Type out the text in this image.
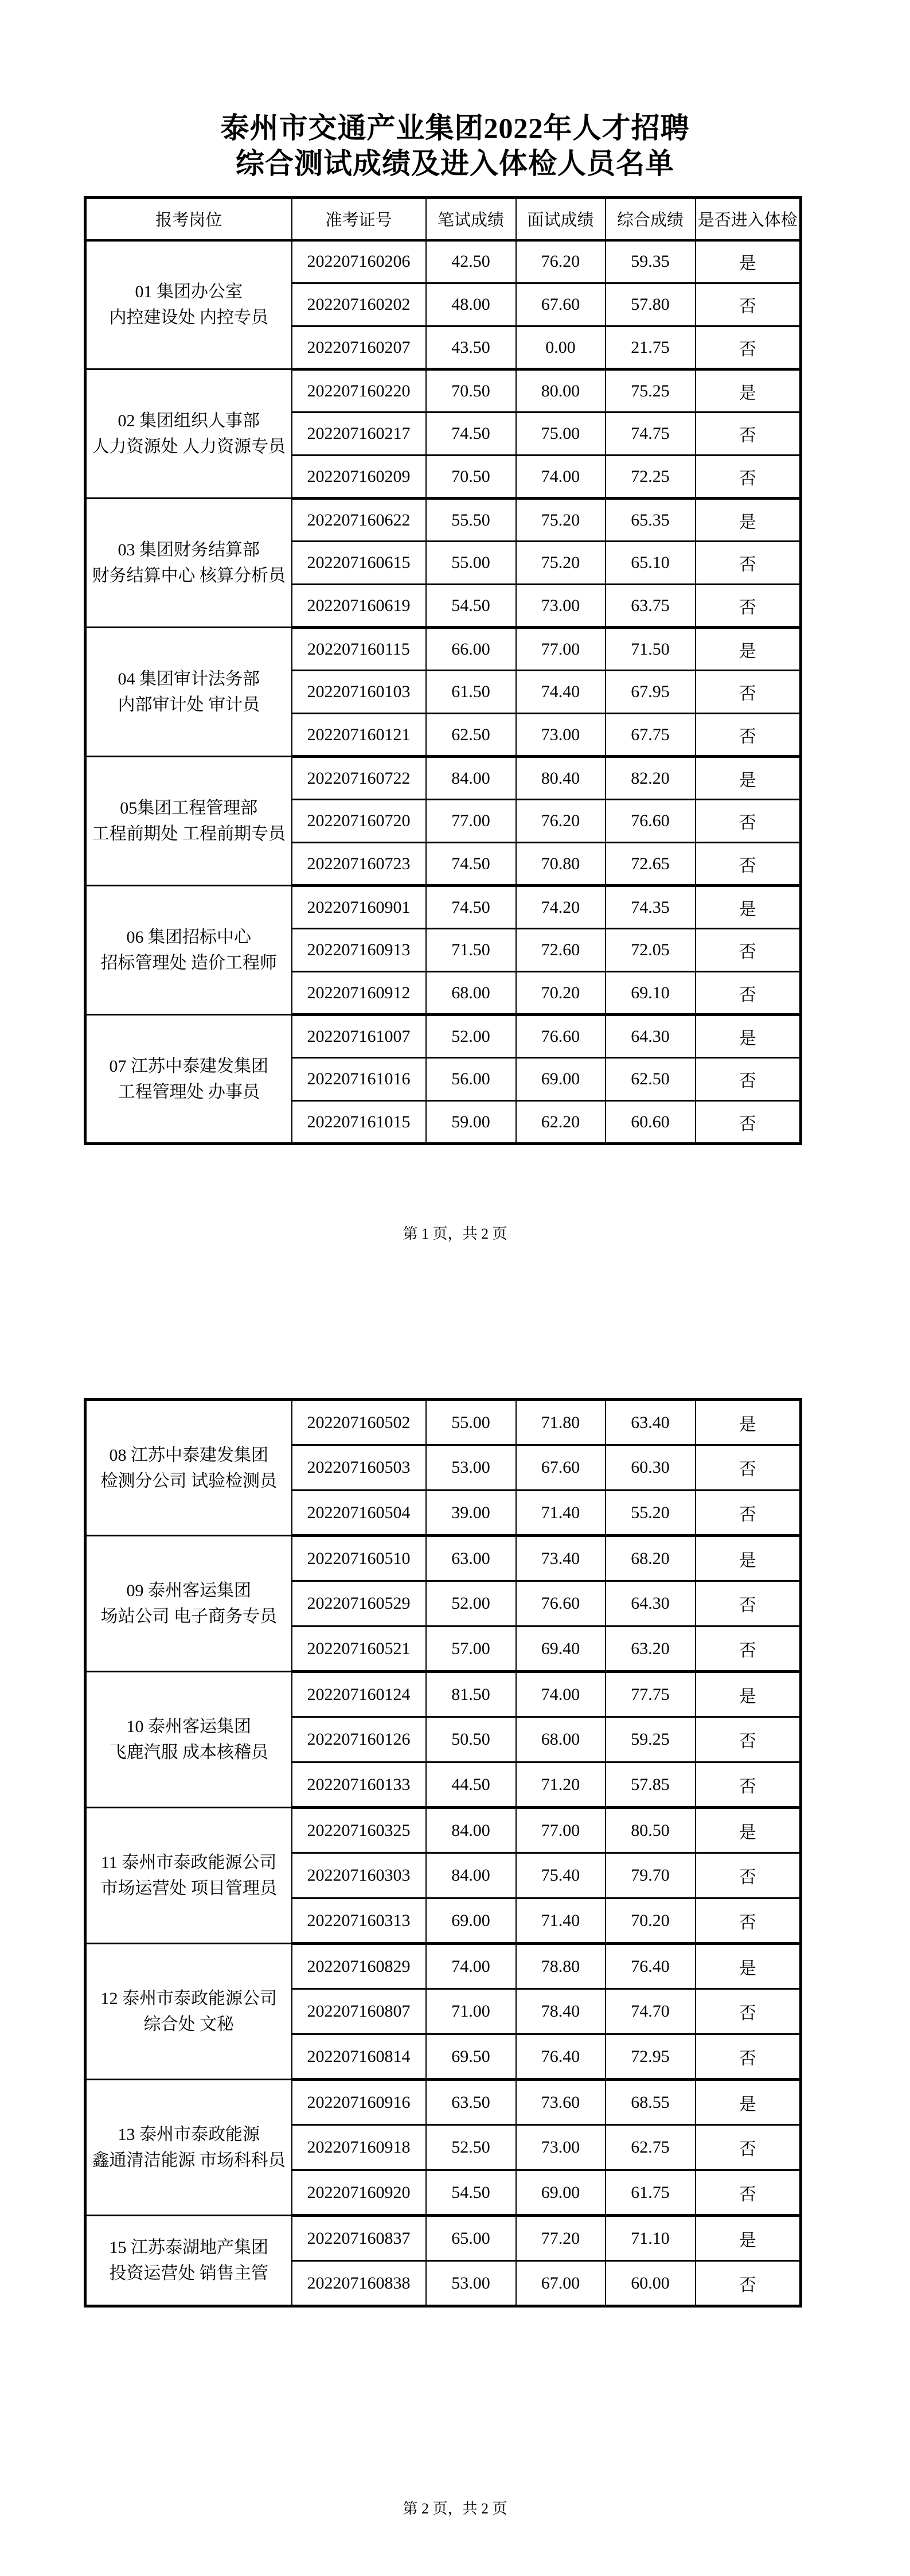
泰州市交通产业集团2022年人才招聘
综合测试成绩及进入体检人员名单
报考岗位	准考证号	笔试成绩	面试成绩	综合成绩	是否进入体检

01 集团办公室
内控建设处 内控专员	202207160206	42.50	76.20	59.35	是
	202207160202	48.00	67.60	57.80	否
	202207160207	43.50	0.00	21.75	否

02 集团组织人事部
人力资源处 人力资源专员	202207160220	70.50	80.00	75.25	是
	202207160217	74.50	75.00	74.75	否
	202207160209	70.50	74.00	72.25	否

03 集团财务结算部
财务结算中心 核算分析员	202207160622	55.50	75.20	65.35	是
	202207160615	55.00	75.20	65.10	否
	202207160619	54.50	73.00	63.75	否

04 集团审计法务部
内部审计处 审计员	202207160115	66.00	77.00	71.50	是
	202207160103	61.50	74.40	67.95	否
	202207160121	62.50	73.00	67.75	否

05集团工程管理部
工程前期处 工程前期专员	202207160722	84.00	80.40	82.20	是
	202207160720	77.00	76.20	76.60	否
	202207160723	74.50	70.80	72.65	否

06 集团招标中心
招标管理处 造价工程师	202207160901	74.50	74.20	74.35	是
	202207160913	71.50	72.60	72.05	否
	202207160912	68.00	70.20	69.10	否

07 江苏中泰建发集团
工程管理处 办事员	202207161007	52.00	76.60	64.30	是
	202207161016	56.00	69.00	62.50	否
	202207161015	59.00	62.20	60.60	否
第 1 页，共 2 页
08 江苏中泰建发集团
检测分公司 试验检测员	202207160502	55.00	71.80	63.40	是
	202207160503	53.00	67.60	60.30	否
	202207160504	39.00	71.40	55.20	否

09 泰州客运集团
场站公司 电子商务专员	202207160510	63.00	73.40	68.20	是
	202207160529	52.00	76.60	64.30	否
	202207160521	57.00	69.40	63.20	否

10 泰州客运集团
飞鹿汽服 成本核稽员	202207160124	81.50	74.00	77.75	是
	202207160126	50.50	68.00	59.25	否
	202207160133	44.50	71.20	57.85	否

11 泰州市泰政能源公司
市场运营处 项目管理员	202207160325	84.00	77.00	80.50	是
	202207160303	84.00	75.40	79.70	否
	202207160313	69.00	71.40	70.20	否

12 泰州市泰政能源公司
综合处 文秘	202207160829	74.00	78.80	76.40	是
	202207160807	71.00	78.40	74.70	否
	202207160814	69.50	76.40	72.95	否

13 泰州市泰政能源
鑫通清洁能源 市场科科员	202207160916	63.50	73.60	68.55	是
	202207160918	52.50	73.00	62.75	否
	202207160920	54.50	69.00	61.75	否

15 江苏泰湖地产集团
投资运营处 销售主管	202207160837	65.00	77.20	71.10	是
	202207160838	53.00	67.00	60.00	否
第 2 页，共 2 页
